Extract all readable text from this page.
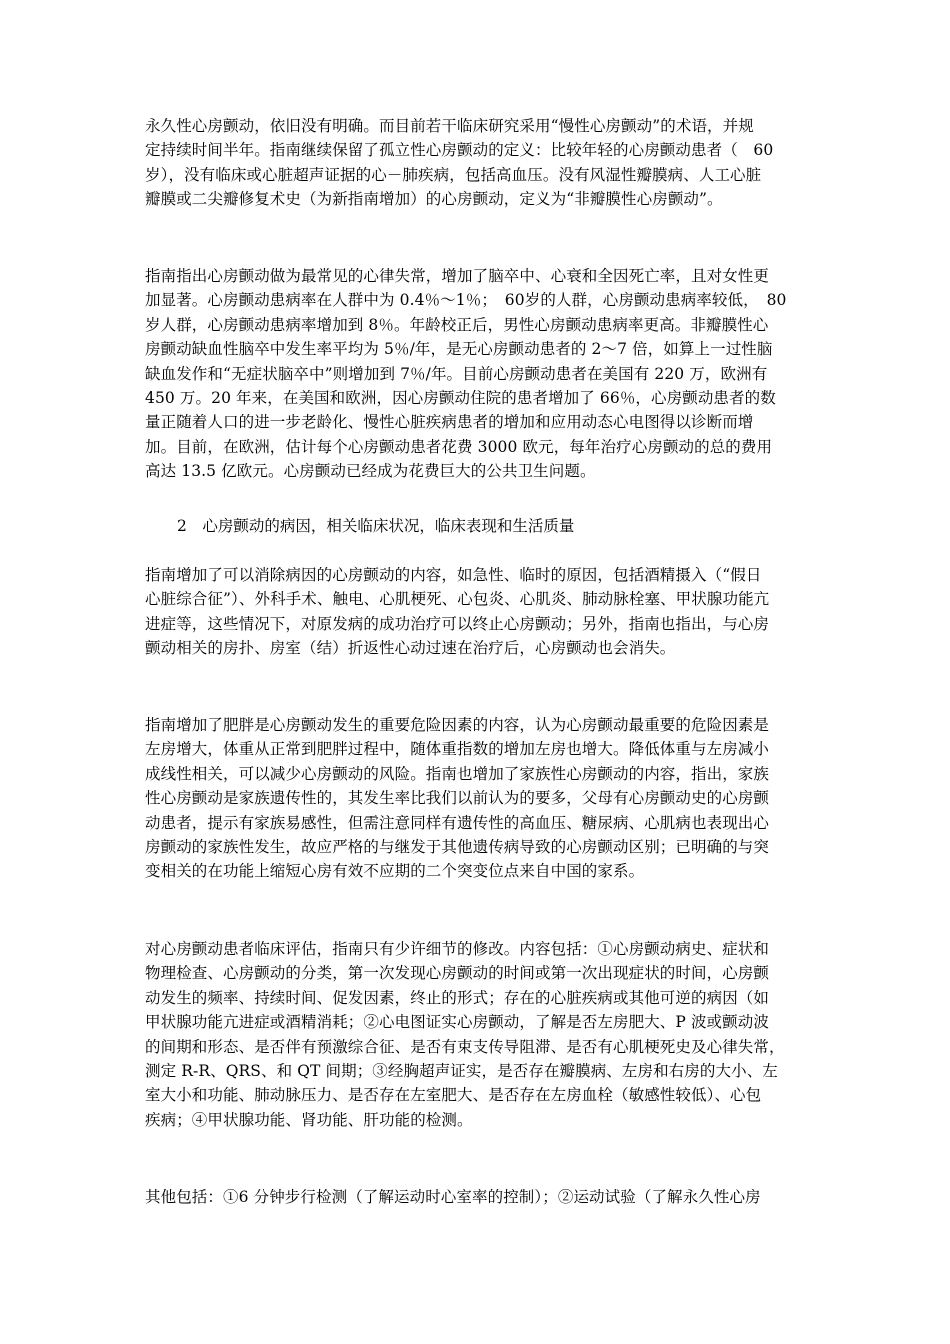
永久性心房颤动，依旧没有明确。而目前若干临床研究采用“慢性心房颤动”的术语，并规
定持续时间半年。指南继续保留了孤立性心房颤动的定义：比较年轻的心房颤动患者（　60
岁），没有临床或心脏超声证据的心－肺疾病，包括高血压。没有风湿性瓣膜病、人工心脏
瓣膜或二尖瓣修复术史（为新指南增加）的心房颤动，定义为“非瓣膜性心房颤动”。
指南指出心房颤动做为最常见的心律失常，增加了脑卒中、心衰和全因死亡率，且对女性更
加显著。心房颤动患病率在人群中为 0.4％～1％；　60岁的人群，心房颤动患病率较低，　80
岁人群，心房颤动患病率增加到 8％。年龄校正后，男性心房颤动患病率更高。非瓣膜性心
房颤动缺血性脑卒中发生率平均为 5％/年，是无心房颤动患者的 2～7 倍，如算上一过性脑
缺血发作和“无症状脑卒中”则增加到 7％/年。目前心房颤动患者在美国有 220 万，欧洲有
450 万。20 年来，在美国和欧洲，因心房颤动住院的患者增加了 66％，心房颤动患者的数
量正随着人口的进一步老龄化、慢性心脏疾病患者的增加和应用动态心电图得以诊断而增
加。目前，在欧洲，估计每个心房颤动患者花费 3000 欧元，每年治疗心房颤动的总的费用
高达 13.5 亿欧元。心房颤动已经成为花费巨大的公共卫生问题。
2　心房颤动的病因，相关临床状况，临床表现和生活质量
指南增加了可以消除病因的心房颤动的内容，如急性、临时的原因，包括酒精摄入（“假日
心脏综合征”）、外科手术、触电、心肌梗死、心包炎、心肌炎、肺动脉栓塞、甲状腺功能亢
进症等，这些情况下，对原发病的成功治疗可以终止心房颤动；另外，指南也指出，与心房
颤动相关的房扑、房室（结）折返性心动过速在治疗后，心房颤动也会消失。
指南增加了肥胖是心房颤动发生的重要危险因素的内容，认为心房颤动最重要的危险因素是
左房增大，体重从正常到肥胖过程中，随体重指数的增加左房也增大。降低体重与左房减小
成线性相关，可以减少心房颤动的风险。指南也增加了家族性心房颤动的内容，指出，家族
性心房颤动是家族遗传性的，其发生率比我们以前认为的要多，父母有心房颤动史的心房颤
动患者，提示有家族易感性，但需注意同样有遗传性的高血压、糖尿病、心肌病也表现出心
房颤动的家族性发生，故应严格的与继发于其他遗传病导致的心房颤动区别；已明确的与突
变相关的在功能上缩短心房有效不应期的二个突变位点来自中国的家系。
对心房颤动患者临床评估，指南只有少许细节的修改。内容包括：①心房颤动病史、症状和
物理检查、心房颤动的分类，第一次发现心房颤动的时间或第一次出现症状的时间，心房颤
动发生的频率、持续时间、促发因素，终止的形式；存在的心脏疾病或其他可逆的病因（如
甲状腺功能亢进症或酒精消耗；②心电图证实心房颤动，了解是否左房肥大、P 波或颤动波
的间期和形态、是否伴有预激综合征、是否有束支传导阻滞、是否有心肌梗死史及心律失常，
测定 R-R、QRS、和 QT 间期；③经胸超声证实，是否存在瓣膜病、左房和右房的大小、左
室大小和功能、肺动脉压力、是否存在左室肥大、是否存在左房血栓（敏感性较低）、心包
疾病；④甲状腺功能、肾功能、肝功能的检测。
其他包括：①6 分钟步行检测（了解运动时心室率的控制）；②运动试验（了解永久性心房
